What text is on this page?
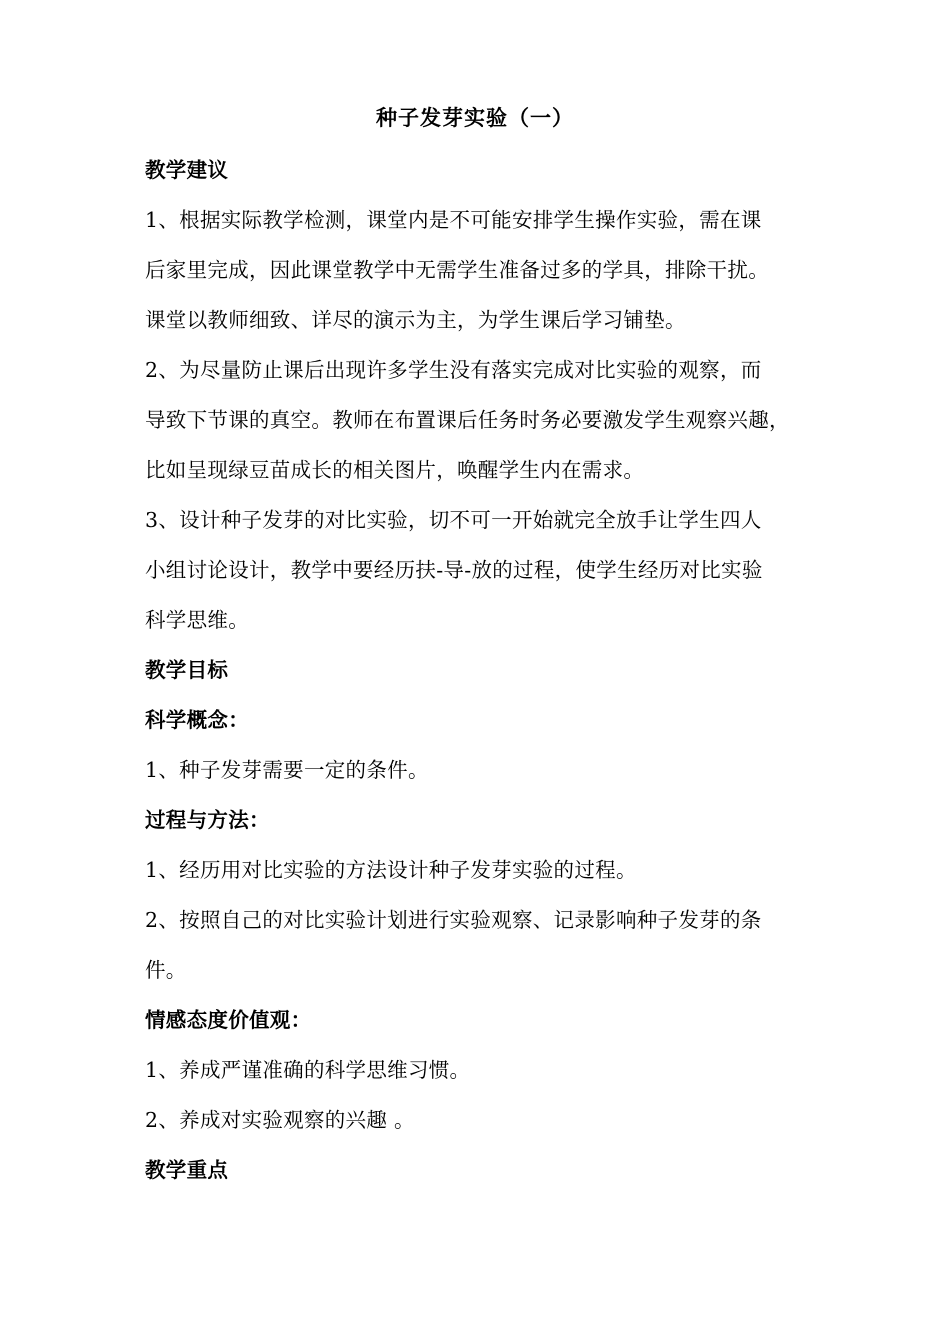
种子发芽实验（一）
教学建议
1、根据实际教学检测，课堂内是不可能安排学生操作实验，需在课
后家里完成，因此课堂教学中无需学生准备过多的学具，排除干扰。
课堂以教师细致、详尽的演示为主，为学生课后学习铺垫。
2、为尽量防止课后出现许多学生没有落实完成对比实验的观察，而
导致下节课的真空。教师在布置课后任务时务必要激发学生观察兴趣，
比如呈现绿豆苗成长的相关图片，唤醒学生内在需求。
3、设计种子发芽的对比实验，切不可一开始就完全放手让学生四人
小组讨论设计，教学中要经历扶-导-放的过程，使学生经历对比实验
科学思维。
教学目标
科学概念：
1、种子发芽需要一定的条件。
过程与方法：
1、经历用对比实验的方法设计种子发芽实验的过程。
2、按照自己的对比实验计划进行实验观察、记录影响种子发芽的条
件。
情感态度价值观：
1、养成严谨准确的科学思维习惯。
2、养成对实验观察的兴趣 。
教学重点
